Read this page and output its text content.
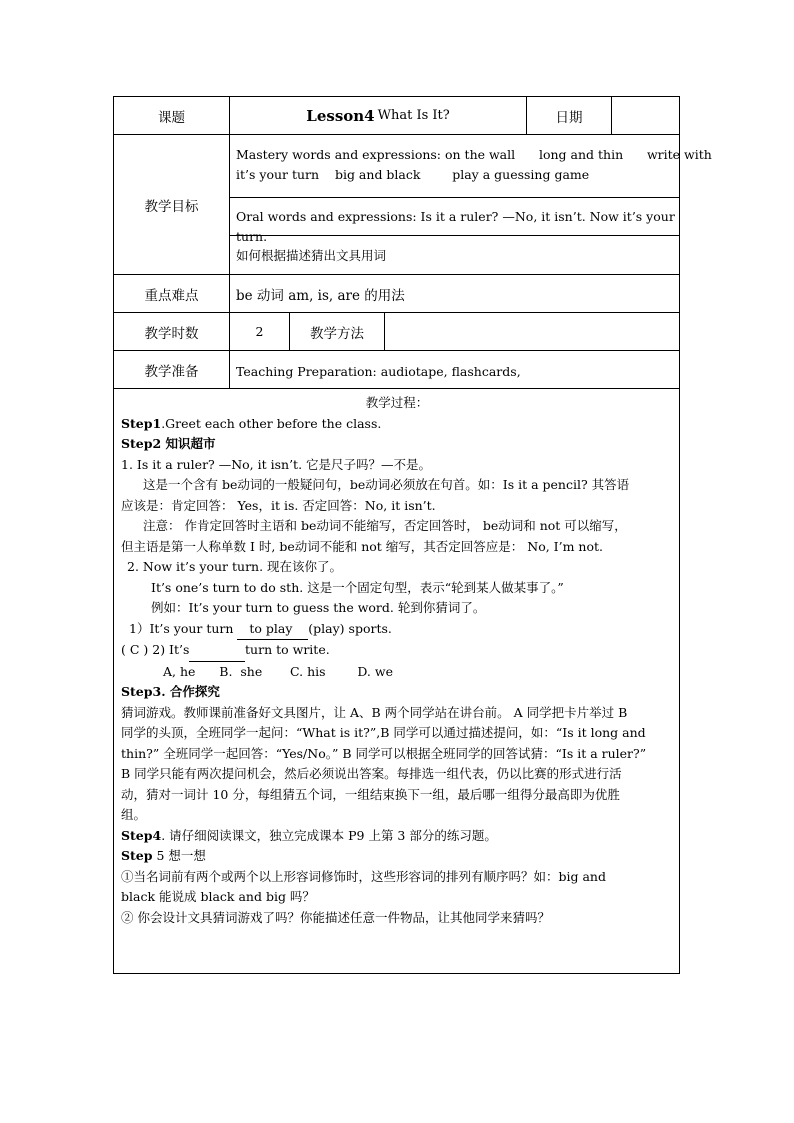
课题	Lesson4 What Is It?	日期
教学目标
Mastery words and expressions: on the wall      long and thin      write with
it’s your turn    big and black        play a guessing game
Oral words and expressions: Is it a ruler? —No, it isn’t. Now it’s your turn.
如何根据描述猜出文具用词
重点难点	be 动词 am, is, are 的用法
教学时数	2	教学方法
教学准备	Teaching Preparation: audiotape, flashcards,

教学过程：

Step1.Greet each other before the class.

Step2 知识超市

1. Is it a ruler? —No, it isn’t. 它是尺子吗？—不是。

这是一个含有 be动词的一般疑问句，be动词必须放在句首。如：Is it a pencil? 其答语

应该是：肯定回答： Yes，it is. 否定回答：No, it isn’t.

注意： 作肯定回答时主语和 be动词不能缩写，否定回答时， be动词和 not 可以缩写，

但主语是第一人称单数 I 时, be动词不能和 not 缩写，其否定回答应是： No, I’m not.

2. Now it’s your turn. 现在该你了。

It’s one’s turn to do sth. 这是一个固定句型，表示“轮到某人做某事了。”

例如：It’s your turn to guess the word. 轮到你猜词了。

1）It’s your turn    to play    (play) sports.

( C ) 2) It’s	turn to write.

A, he      B.  she       C. his        D. we

Step3. 合作探究

猜词游戏。教师课前准备好文具图片，让 A、B 两个同学站在讲台前。 A 同学把卡片举过 B

同学的头顶，全班同学一起问：“What is it?”,B 同学可以通过描述提问，如：“Is it long and

thin?” 全班同学一起回答：“Yes/No。” B 同学可以根据全班同学的回答试猜：“Is it a ruler?”

B 同学只能有两次提问机会，然后必须说出答案。每排选一组代表，仍以比赛的形式进行活

动，猜对一词计 10 分，每组猜五个词，一组结束换下一组，最后哪一组得分最高即为优胜

组。

Step4. 请仔细阅读课文，独立完成课本 P9 上第 3 部分的练习题。

Step 5 想一想

①当名词前有两个或两个以上形容词修饰时，这些形容词的排列有顺序吗？如：big and

black 能说成 black and big 吗？

② 你会设计文具猜词游戏了吗？你能描述任意一件物品，让其他同学来猜吗？
